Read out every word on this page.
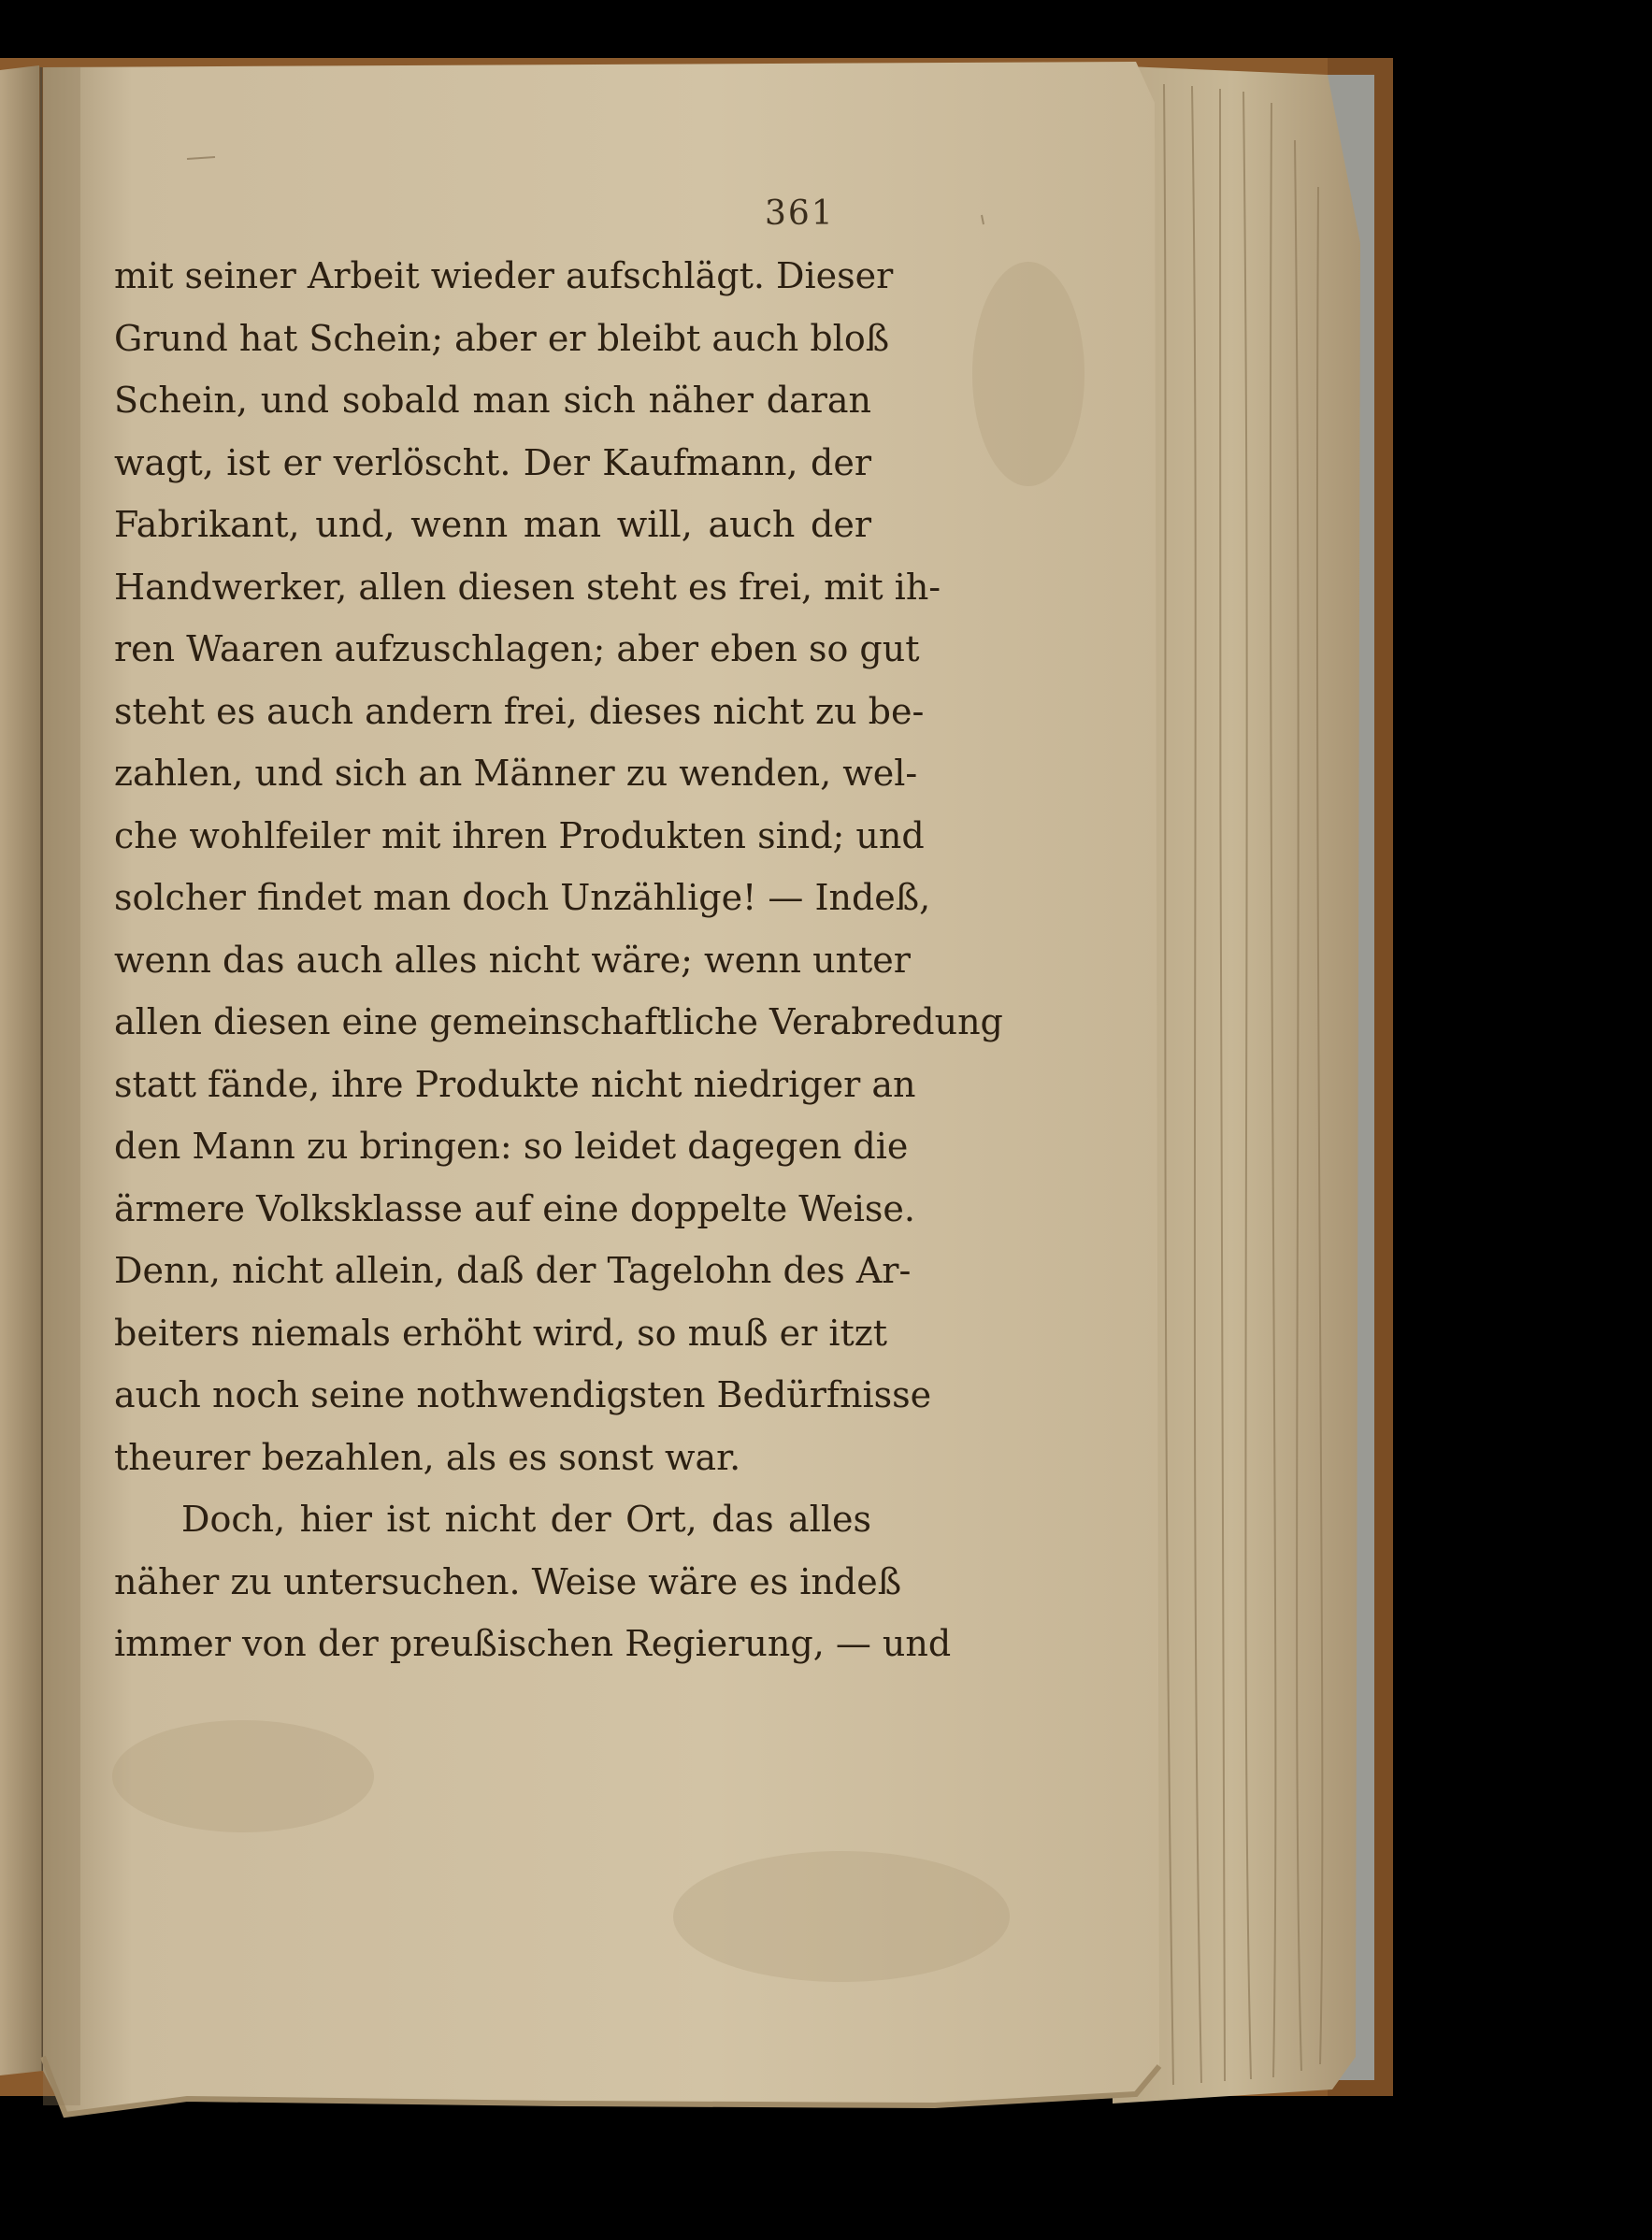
361
mit seiner Arbeit wieder aufschlägt. Dieser
Grund hat Schein; aber er bleibt auch bloß
Schein, und sobald man sich näher daran
wagt, ist er verlöscht. Der Kaufmann, der
Fabrikant, und, wenn man will, auch der
Handwerker, allen diesen steht es frei, mit ih-
ren Waaren aufzuschlagen; aber eben so gut
steht es auch andern frei, dieses nicht zu be-
zahlen, und sich an Männer zu wenden, wel-
che wohlfeiler mit ihren Produkten sind; und
solcher findet man doch Unzählige! — Indeß,
wenn das auch alles nicht wäre; wenn unter
allen diesen eine gemeinschaftliche Verabredung
statt fände, ihre Produkte nicht niedriger an
den Mann zu bringen: so leidet dagegen die
ärmere Volksklasse auf eine doppelte Weise.
Denn, nicht allein, daß der Tagelohn des Ar-
beiters niemals erhöht wird, so muß er itzt
auch noch seine nothwendigsten Bedürfnisse
theurer bezahlen, als es sonst war.
Doch, hier ist nicht der Ort, das alles
näher zu untersuchen. Weise wäre es indeß
immer von der preußischen Regierung, — und
